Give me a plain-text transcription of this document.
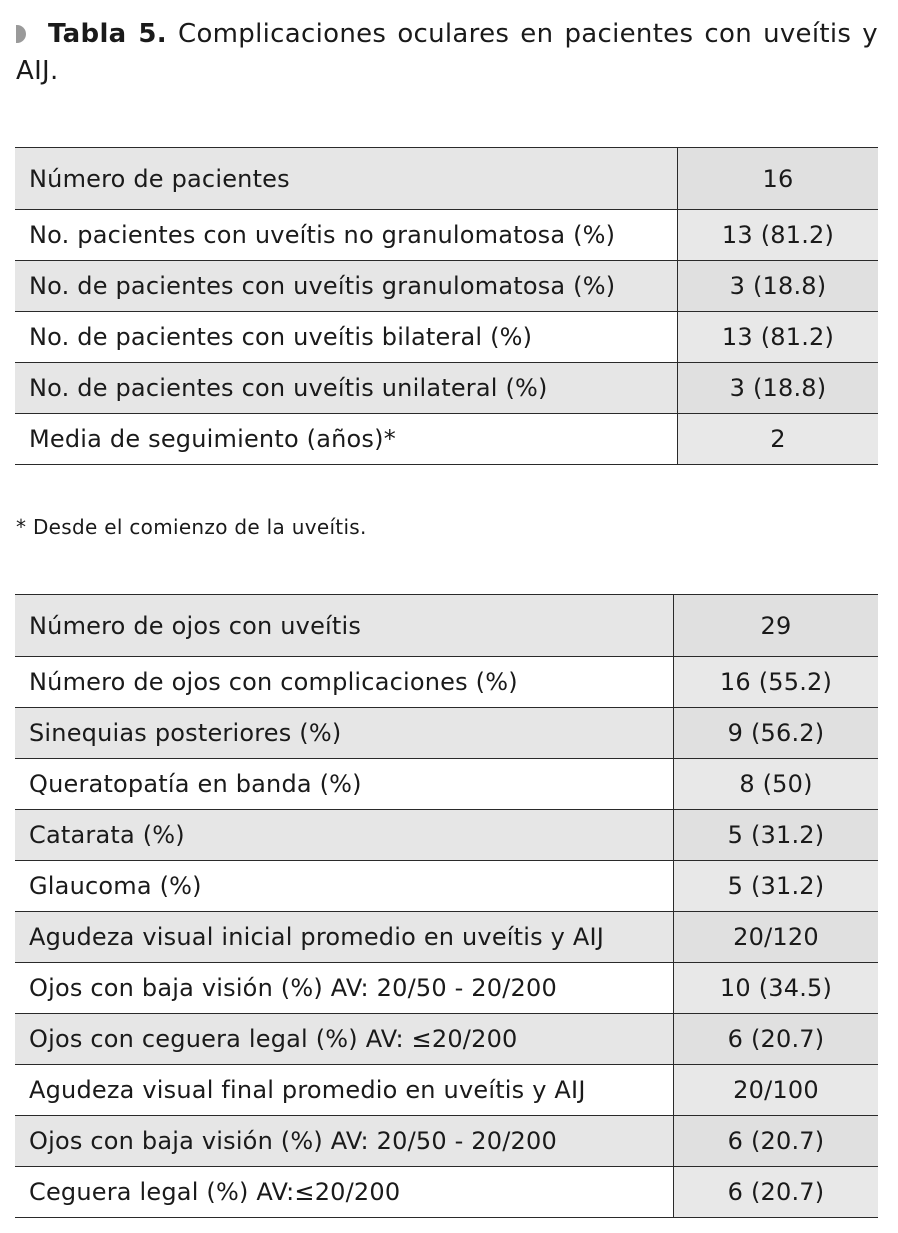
Tabla 5. Complicaciones oculares en pacientes con uveítis y AIJ.
Número de pacientes	16
No. pacientes con uveítis no granulomatosa (%)	13 (81.2)
No. de pacientes con uveítis granulomatosa (%)	3 (18.8)
No. de pacientes con uveítis bilateral (%)	13 (81.2)
No. de pacientes con uveítis unilateral (%)	3 (18.8)
Media de seguimiento (años)*	2
* Desde el comienzo de la uveítis.
Número de ojos con uveítis	29
Número de ojos con complicaciones (%)	16 (55.2)
Sinequias posteriores (%)	9 (56.2)
Queratopatía en banda (%)	8 (50)
Catarata (%)	5 (31.2)
Glaucoma (%)	5 (31.2)
Agudeza visual inicial promedio en uveítis y AIJ	20/120
Ojos con baja visión (%) AV: 20/50 - 20/200	10 (34.5)
Ojos con ceguera legal (%) AV: ≤20/200	6 (20.7)
Agudeza visual final promedio en uveítis y AIJ	20/100
Ojos con baja visión (%) AV: 20/50 - 20/200	6 (20.7)
Ceguera legal (%) AV:≤20/200	6 (20.7)
